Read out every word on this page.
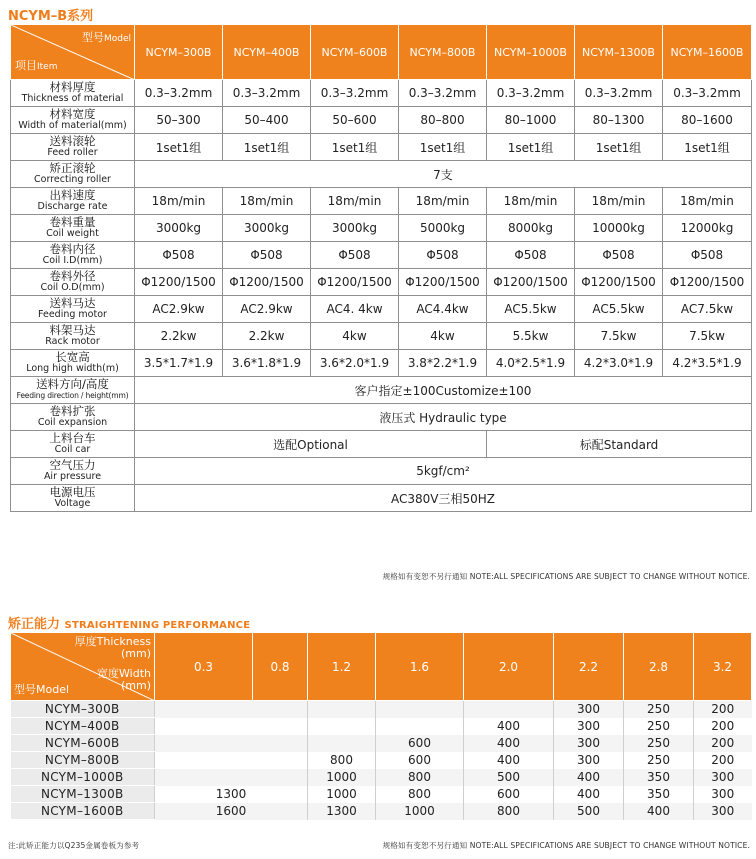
NCYM–B系列
型号Model
项目Item	NCYM–300B	NCYM–400B	NCYM–600B	NCYM–800B	NCYM–1000B	NCYM–1300B	NCYM–1600B

材料厚度
Thickness of material	0.3–3.2mm	0.3–3.2mm	0.3–3.2mm	0.3–3.2mm	0.3–3.2mm	0.3–3.2mm	0.3–3.2mm

材料宽度
Width of material(mm)	50–300	50–400	50–600	80–800	80–1000	80–1300	80–1600

送料滚轮
Feed roller	1set1组	1set1组	1set1组	1set1组	1set1组	1set1组	1set1组

矫正滚轮
Correcting roller	7支						

出料速度
Discharge rate	18m/min	18m/min	18m/min	18m/min	18m/min	18m/min	18m/min

卷料重量
Coil weight	3000kg	3000kg	3000kg	5000kg	8000kg	10000kg	12000kg

卷料内径
Coil I.D(mm)	Φ508	Φ508	Φ508	Φ508	Φ508	Φ508	Φ508

卷料外径
Coil O.D(mm)	Φ1200/1500	Φ1200/1500	Φ1200/1500	Φ1200/1500	Φ1200/1500	Φ1200/1500	Φ1200/1500

送料马达
Feeding motor	AC2.9kw	AC2.9kw	AC4. 4kw	AC4.4kw	AC5.5kw	AC5.5kw	AC7.5kw

料架马达
Rack motor	2.2kw	2.2kw	4kw	4kw	5.5kw	7.5kw	7.5kw

长宽高
Long high width(m)	3.5*1.7*1.9	3.6*1.8*1.9	3.6*2.0*1.9	3.8*2.2*1.9	4.0*2.5*1.9	4.2*3.0*1.9	4.2*3.5*1.9

送料方向/高度
Feeding direction / height(mm)	客户指定±100Customize±100						

卷料扩张
Coil expansion	液压式 Hydraulic type						

上料台车
Coil car	选配Optional				标配Standard		

空气压力
Air pressure	5kgf/cm²						

电源电压
Voltage	AC380V三相50HZ						
规格如有变恕不另行通知 NOTE:ALL SPECIFICATIONS ARE SUBJECT TO CHANGE WITHOUT NOTICE.
矫正能力 STRAIGHTENING PERFORMANCE
厚度Thickness
(mm)
宽度Width
(mm)
型号Model	0.3	0.8	1.2	1.6	2.0	2.2	2.8	3.2
NCYM–300B						300	250	200
NCYM–400B					400	300	250	200
NCYM–600B				600	400	300	250	200
NCYM–800B			800	600	400	300	250	200
NCYM–1000B			1000	800	500	400	350	300
NCYM–1300B	1300		1000	800	600	400	350	300
NCYM–1600B	1600		1300	1000	800	500	400	300
注:此矫正能力以Q235金属卷板为参考	规格如有变恕不另行通知 NOTE:ALL SPECIFICATIONS ARE SUBJECT TO CHANGE WITHOUT NOTICE.
